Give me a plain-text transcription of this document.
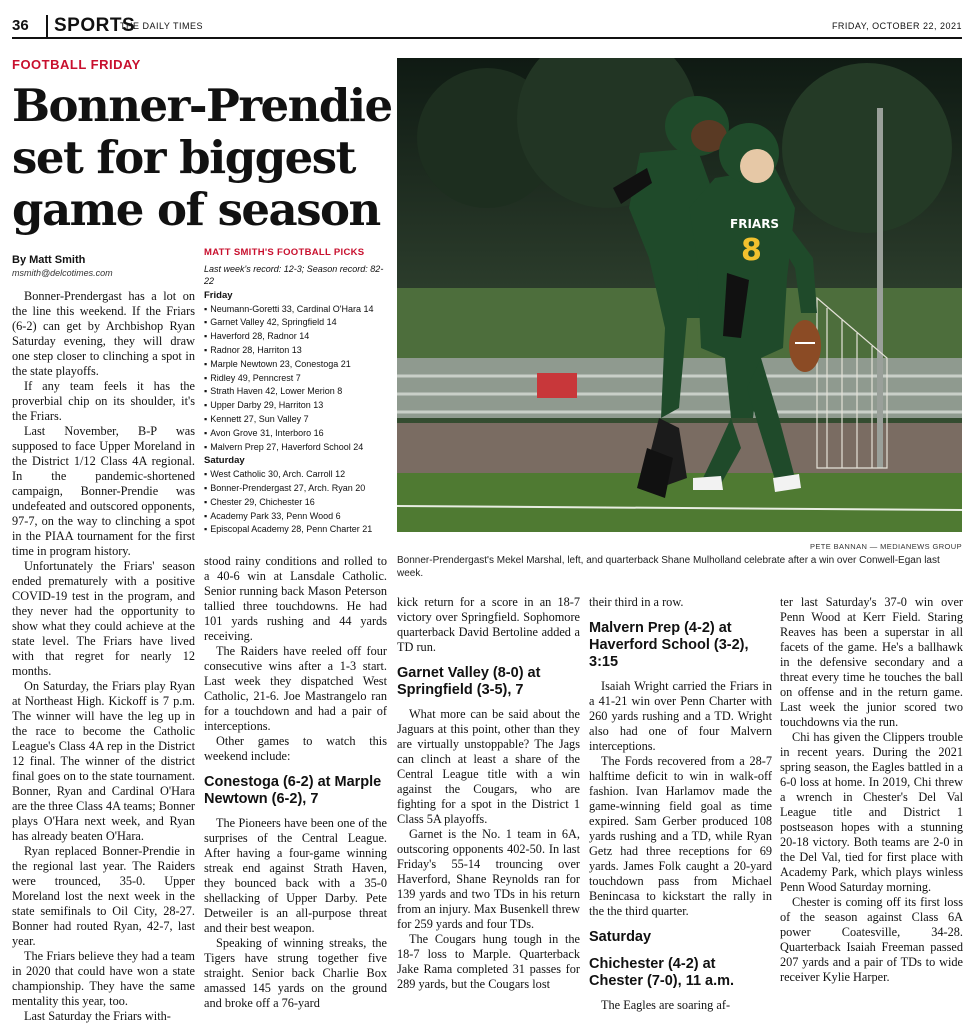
36	SPORTS
THE DAILY TIMES	FRIDAY, OCTOBER 22, 2021
FOOTBALL FRIDAY
Bonner-Prendie set for biggest game of season
By Matt Smith
msmith@delcotimes.com
MATT SMITH'S FOOTBALL PICKS
Last week's record: 12-3; Season record: 82-22
Friday
▪ Neumann-Goretti 33, Cardinal O'Hara 14
▪ Garnet Valley 42, Springfield 14
▪ Haverford 28, Radnor 14
▪ Radnor 28, Harriton 13
▪ Marple Newtown 23, Conestoga 21
▪ Ridley 49, Penncrest 7
▪ Strath Haven 42, Lower Merion 8
▪ Upper Darby 29, Harriton 13
▪ Kennett 27, Sun Valley 7
▪ Avon Grove 31, Interboro 16
▪ Malvern Prep 27, Haverford School 24
Saturday
▪ West Catholic 30, Arch. Carroll 12
▪ Bonner-Prendergast 27, Arch. Ryan 20
▪ Chester 29, Chichester 16
▪ Academy Park 33, Penn Wood 6
▪ Episcopal Academy 28, Penn Charter 21
FRIARS
8
PETE BANNAN — MEDIANEWS GROUP
Bonner-Prendergast's Mekel Marshal, left, and quarterback Shane Mulholland celebrate after a win over Conwell-Egan last week.

Bonner-Prendergast has a lot on the line this weekend. If the Friars (6-2) can get by Archbishop Ryan Saturday evening, they will draw one step closer to clinching a spot in the state playoffs.

If any team feels it has the proverbial chip on its shoulder, it's the Friars.

Last November, B-P was supposed to face Upper Moreland in the District 1/12 Class 4A regional. In the pandemic-shortened campaign, Bonner-Prendie was undefeated and outscored opponents, 97-7, on the way to clinching a spot in the PIAA tournament for the first time in program history.

Unfortunately the Friars' season ended prematurely with a positive COVID-19 test in the program, and they never had the opportunity to show what they could achieve at the state level. The Friars have lived with that regret for nearly 12 months.

On Saturday, the Friars play Ryan at Northeast High. Kickoff is 7 p.m. The winner will have the leg up in the race to become the Catholic League's Class 4A rep in the District 12 final. The winner of the district final goes on to the state tournament. Bonner, Ryan and Cardinal O'Hara are the three Class 4A teams; Bonner plays O'Hara next week, and Ryan has already beaten O'Hara.

Ryan replaced Bonner-Prendie in the regional last year. The Raiders were trounced, 35-0. Upper Moreland lost the next week in the state semifinals to Oil City, 28-27. Bonner had routed Ryan, 42-7, last year.

The Friars believe they had a team in 2020 that could have won a state championship. They have the same mentality this year, too.

Last Saturday the Friars with-

stood rainy conditions and rolled to a 40-6 win at Lansdale Catholic. Senior running back Mason Peterson tallied three touchdowns. He had 101 yards rushing and 44 yards receiving.

The Raiders have reeled off four consecutive wins after a 1-3 start. Last week they dispatched West Catholic, 21-6. Joe Mastrangelo ran for a touchdown and had a pair of interceptions.

Other games to watch this weekend include:

Conestoga (6-2) at Marple Newtown (6-2), 7

The Pioneers have been one of the surprises of the Central League. After having a four-game winning streak end against Strath Haven, they bounced back with a 35-0 shellacking of Upper Darby. Pete Detweiler is an all-purpose threat and their best weapon.

Speaking of winning streaks, the Tigers have strung together five straight. Senior back Charlie Box amassed 145 yards on the ground and broke off a 76-yard

kick return for a score in an 18-7 victory over Springfield. Sophomore quarterback David Bertoline added a TD run.

Garnet Valley (8-0) at Springfield (3-5), 7

What more can be said about the Jaguars at this point, other than they are virtually unstoppable? The Jags can clinch at least a share of the Central League title with a win against the Cougars, who are fighting for a spot in the District 1 Class 5A playoffs.

Garnet is the No. 1 team in 6A, outscoring opponents 402-50. In last Friday's 55-14 trouncing over Haverford, Shane Reynolds ran for 139 yards and two TDs in his return from an injury. Max Busenkell threw for 259 yards and four TDs.

The Cougars hung tough in the 18-7 loss to Marple. Quarterback Jake Rama completed 31 passes for 289 yards, but the Cougars lost

their third in a row.

Malvern Prep (4-2) at Haverford School (3-2), 3:15

Isaiah Wright carried the Friars in a 41-21 win over Penn Charter with 260 yards rushing and a TD. Wright also had one of four Malvern interceptions.

The Fords recovered from a 28-7 halftime deficit to win in walk-off fashion. Ivan Harlamov made the game-winning field goal as time expired. Sam Gerber produced 108 yards rushing and a TD, while Ryan Getz had three receptions for 69 yards. James Folk caught a 20-yard touchdown pass from Michael Benincasa to kickstart the rally in the the third quarter.

Saturday
Chichester (4-2) at Chester (7-0), 11 a.m.

The Eagles are soaring af-

ter last Saturday's 37-0 win over Penn Wood at Kerr Field. Staring Reaves has been a superstar in all facets of the game. He's a ballhawk in the defensive secondary and a threat every time he touches the ball on offense and in the return game. Last week the junior scored two touchdowns via the run.

Chi has given the Clippers trouble in recent years. During the 2021 spring season, the Eagles battled in a 6-0 loss at home. In 2019, Chi threw a wrench in Chester's Del Val League title and District 1 postseason hopes with a stunning 20-18 victory. Both teams are 2-0 in the Del Val, tied for first place with Academy Park, which plays winless Penn Wood Saturday morning.

Chester is coming off its first loss of the season against Class 6A power Coatesville, 34-28. Quarterback Isaiah Freeman passed 207 yards and a pair of TDs to wide receiver Kylie Harper.
